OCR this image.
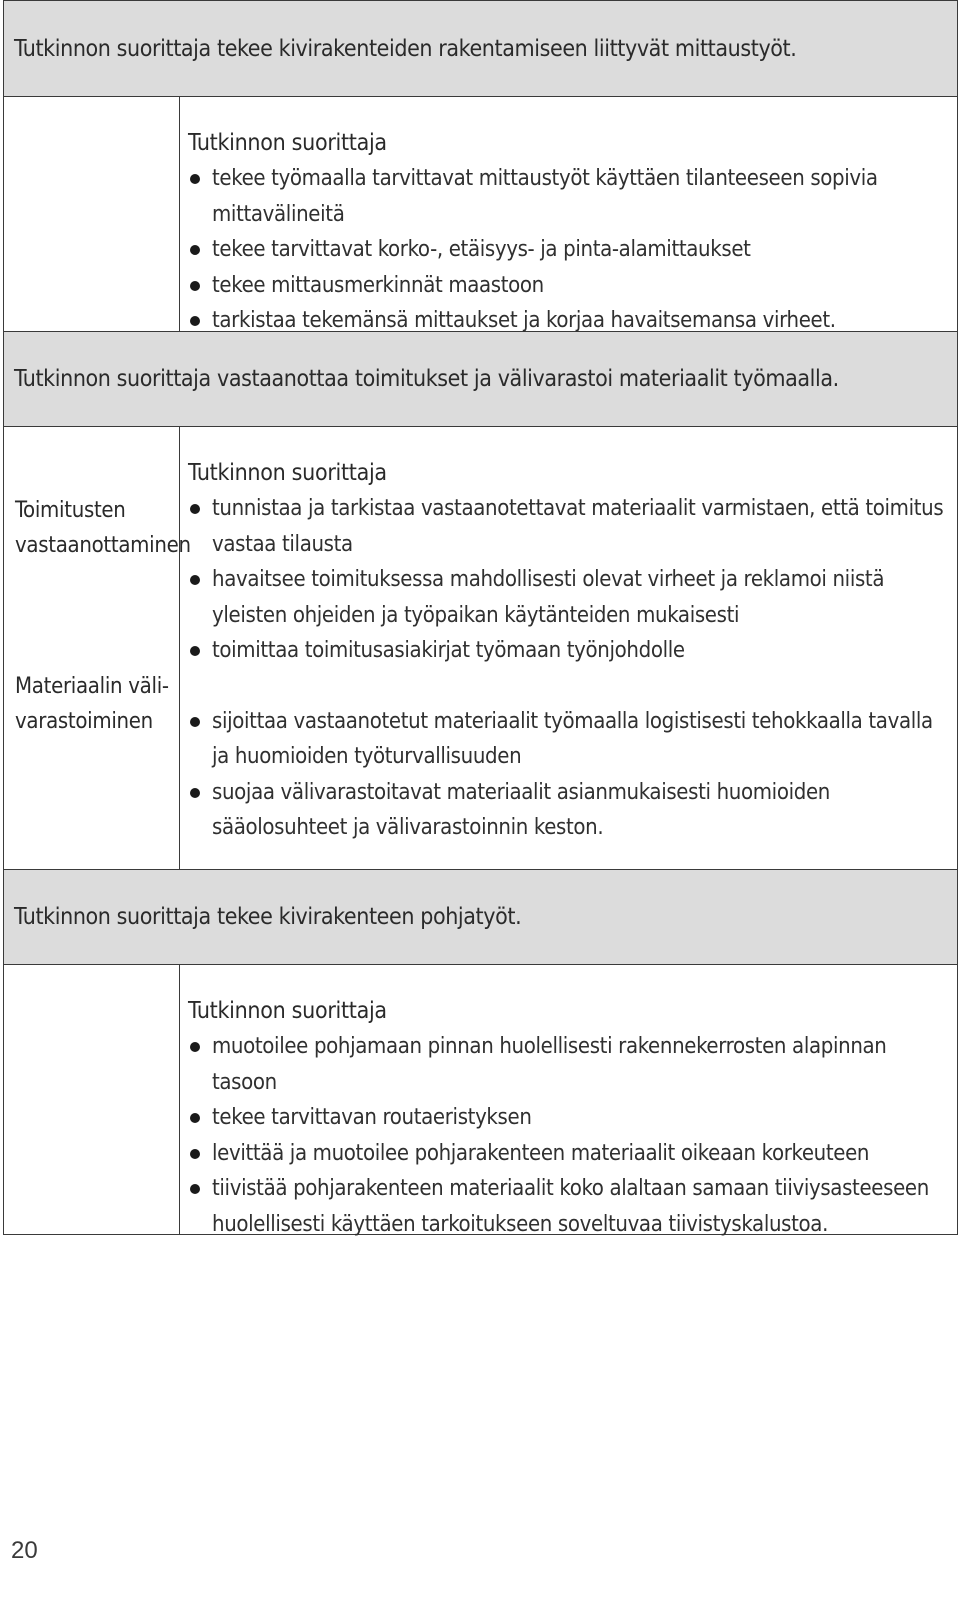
Tutkinnon suorittaja tekee kivirakenteiden rakentamiseen liittyvät mittaustyöt.
Tutkinnon suorittaja
tekee työmaalla tarvittavat mittaustyöt käyttäen tilanteeseen sopivia mittavälineitä
tekee tarvittavat korko-, etäisyys- ja pinta-alamittaukset
tekee mittausmerkinnät maastoon
tarkistaa tekemänsä mittaukset ja korjaa havaitsemansa virheet.
Tutkinnon suorittaja vastaanottaa toimitukset ja välivarastoi materiaalit työmaalla.
Toimitusten
vastaanottaminen
Materiaalin väli-
varastoiminen
Tutkinnon suorittaja
tunnistaa ja tarkistaa vastaanotettavat materiaalit varmistaen, että toimitus vastaa tilausta
havaitsee toimituksessa mahdollisesti olevat virheet ja reklamoi niistä yleisten ohjeiden ja työpaikan käytänteiden mukaisesti
toimittaa toimitusasiakirjat työmaan työnjohdolle
sijoittaa vastaanotetut materiaalit työmaalla logistisesti tehokkaalla tavalla ja huomioiden työturvallisuuden
suojaa välivarastoitavat materiaalit asianmukaisesti huomioiden sääolosuhteet ja välivarastoinnin keston.
Tutkinnon suorittaja tekee kivirakenteen pohjatyöt.
Tutkinnon suorittaja
muotoilee pohjamaan pinnan huolellisesti rakennekerrosten alapinnan tasoon
tekee tarvittavan routaeristyksen
levittää ja muotoilee pohjarakenteen materiaalit oikeaan korkeuteen
tiivistää pohjarakenteen materiaalit koko alaltaan samaan tiiviysasteeseen huolellisesti käyttäen tarkoitukseen soveltuvaa tiivistyskalustoa.
20
